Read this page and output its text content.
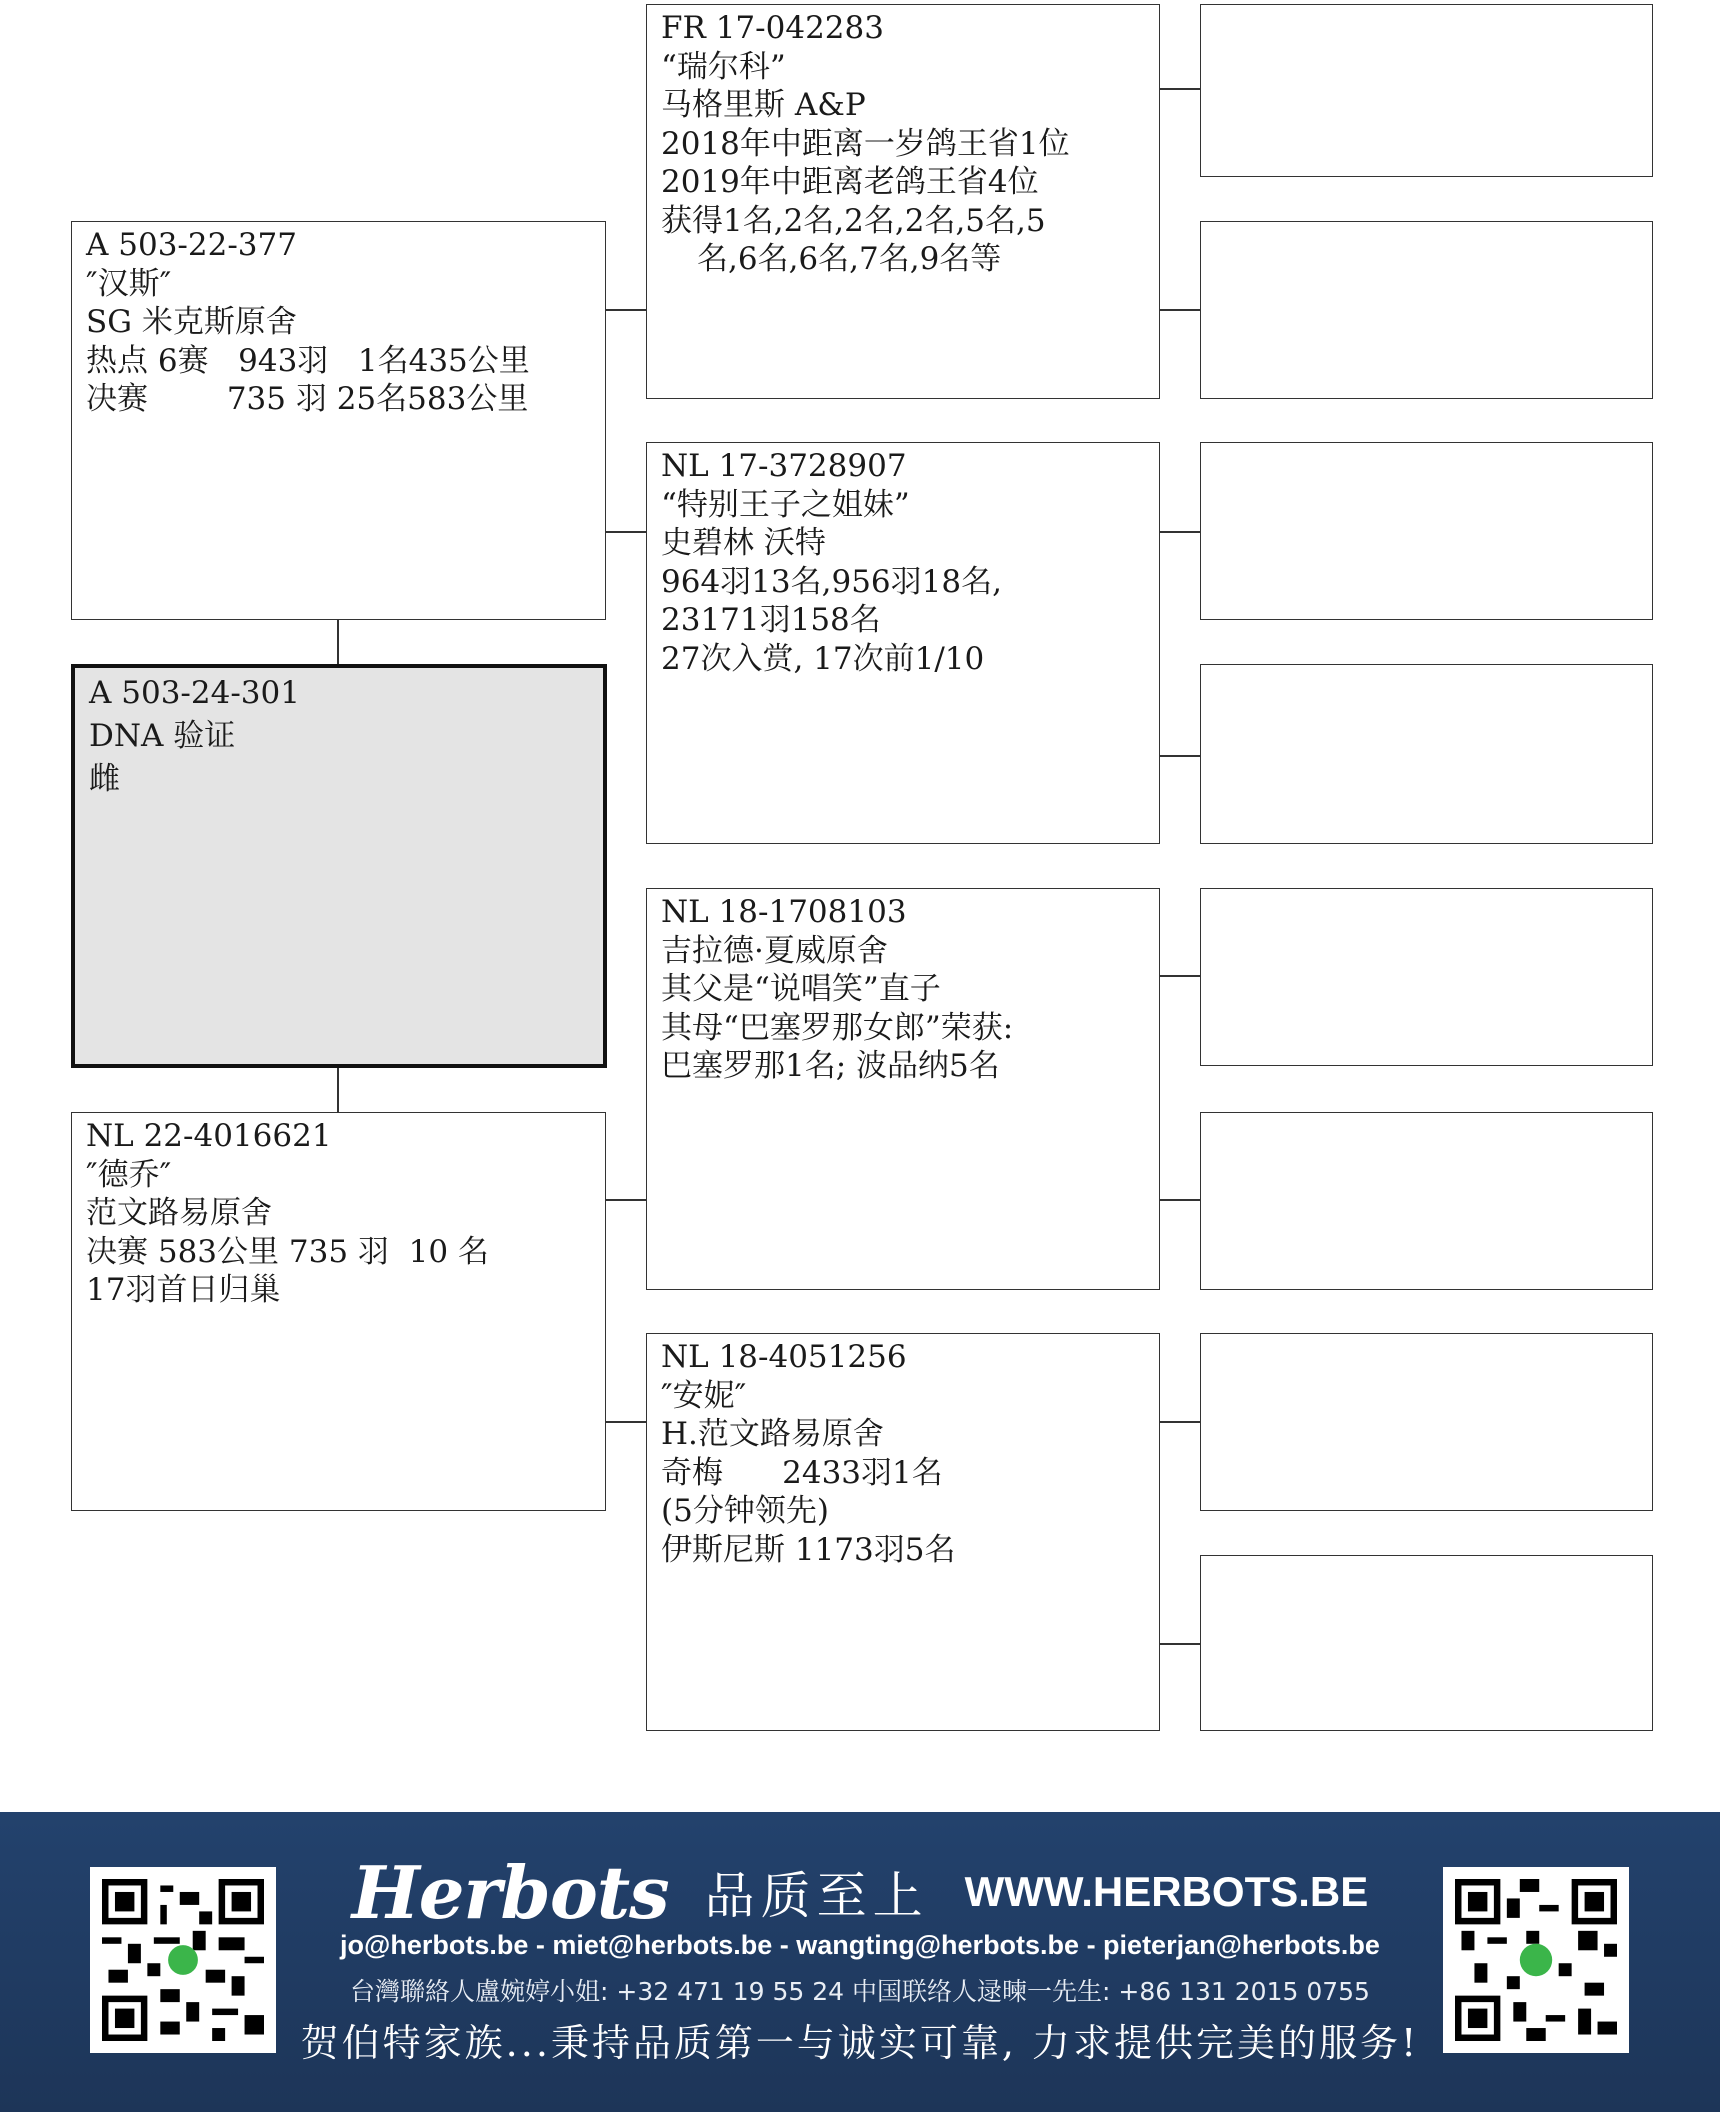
A 503-22-377
″汉斯″
SG 米克斯原舍
热点 6赛   943羽   1名435公里
决赛        735 羽 25名583公里
A 503-24-301
DNA 验证
雌
NL 22-4016621
″德乔″
范文路易原舍
决赛 583公里 735 羽  10 名
17羽首日归巢
FR 17-042283
“瑞尔科”
马格里斯 A&P
2018年中距离一岁鸽王省1位
2019年中距离老鸽王省4位
获得1名,2名,2名,2名,5名,5
名,6名,6名,7名,9名等
NL 17-3728907
“特别王子之姐妹”
史碧林 沃特
964羽13名,956羽18名,
23171羽158名
27次入赏, 17次前1/10
NL 18-1708103
吉拉德·夏威原舍
其父是“说唱笑”直子
其母“巴塞罗那女郎”荣获:
巴塞罗那1名; 波品纳5名
NL 18-4051256
″安妮″
H.范文路易原舍
奇梅      2433羽1名
(5分钟领先)
伊斯尼斯 1173羽5名
Herbots 品质至上 WWW.HERBOTS.BE
jo@herbots.be - miet@herbots.be - wangting@herbots.be - pieterjan@herbots.be
台灣聯絡人盧婉婷小姐: +32 471 19 55 24 中国联络人逯暕一先生: +86 131 2015 0755
贺伯特家族...秉持品质第一与诚实可靠, 力求提供完美的服务!
